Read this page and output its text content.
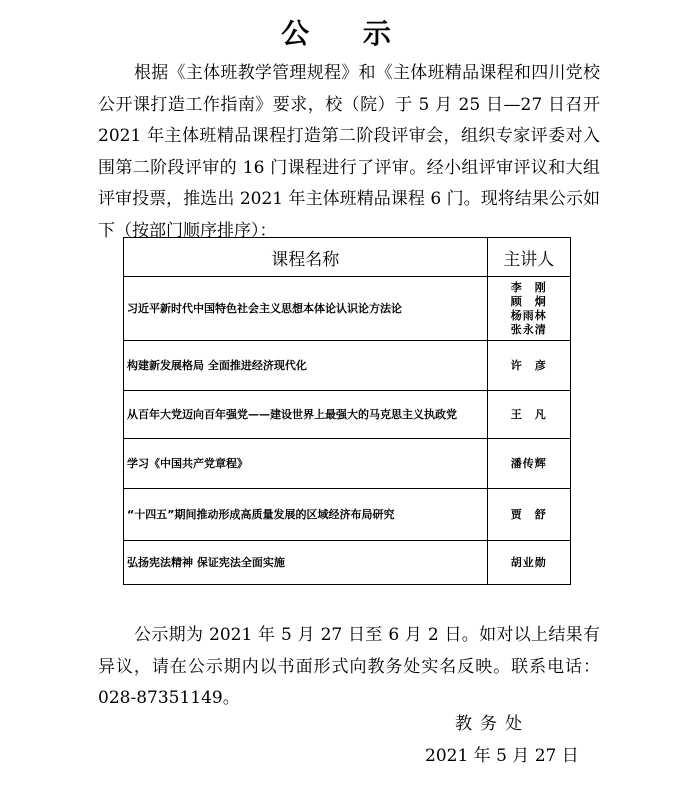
公 示

根据《主体班教学管理规程》和《主体班精品课程和四川党校公开课打造工作指南》要求，校（院）于 5 月 25 日—27 日召开 2021 年主体班精品课程打造第二阶段评审会，组织专家评委对入围第二阶段评审的 16 门课程进行了评审。经小组评审评议和大组评审投票，推选出 2021 年主体班精品课程 6 门。现将结果公示如下（按部门顺序排序）：

课程名称	主讲人
习近平新时代中国特色社会主义思想本体论认识论方法论	李　刚
顾　炯
杨雨林
张永清

构建新发展格局 全面推进经济现代化	许　彦

从百年大党迈向百年强党——建设世界上最强大的马克思主义执政党	王　凡

学习《中国共产党章程》	潘传辉

“十四五”期间推动形成高质量发展的区域经济布局研究	贾　舒

弘扬宪法精神 保证宪法全面实施	胡业勋

公示期为 2021 年 5 月 27 日至 6 月 2 日。如对以上结果有异议，请在公示期内以书面形式向教务处实名反映。联系电话：028-87351149。

教务处
2021 年 5 月 27 日
